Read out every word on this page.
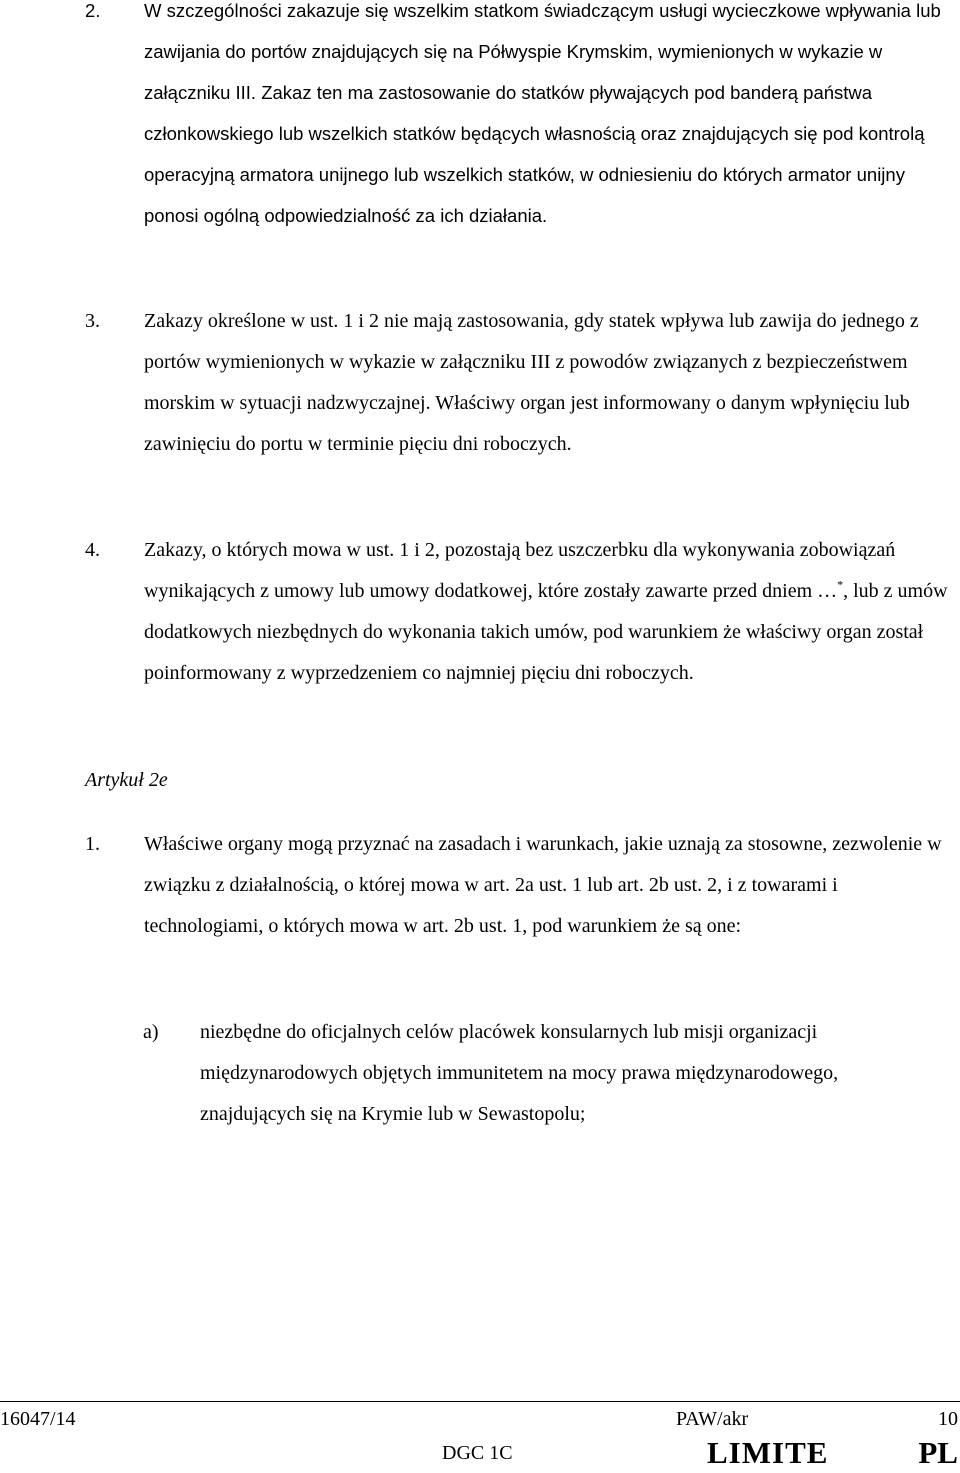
2. W szczególności zakazuje się wszelkim statkom świadczącym usługi wycieczkowe wpływania lub zawijania do portów znajdujących się na Półwyspie Krymskim, wymienionych w wykazie w załączniku III. Zakaz ten ma zastosowanie do statków pływających pod banderą państwa członkowskiego lub wszelkich statków będących własnością oraz znajdujących się pod kontrolą operacyjną armatora unijnego lub wszelkich statków, w odniesieniu do których armator unijny ponosi ogólną odpowiedzialność za ich działania.
3. Zakazy określone w ust. 1 i 2 nie mają zastosowania, gdy statek wpływa lub zawija do jednego z portów wymienionych w wykazie w załączniku III z powodów związanych z bezpieczeństwem morskim w sytuacji nadzwyczajnej. Właściwy organ jest informowany o danym wpłynięciu lub zawinięciu do portu w terminie pięciu dni roboczych.
4. Zakazy, o których mowa w ust. 1 i 2, pozostają bez uszczerbku dla wykonywania zobowiązań wynikających z umowy lub umowy dodatkowej, które zostały zawarte przed dniem …*, lub z umów dodatkowych niezbędnych do wykonania takich umów, pod warunkiem że właściwy organ został poinformowany z wyprzedzeniem co najmniej pięciu dni roboczych.
Artykuł 2e
1. Właściwe organy mogą przyznać na zasadach i warunkach, jakie uznają za stosowne, zezwolenie w związku z działalnością, o której mowa w art. 2a ust. 1 lub art. 2b ust. 2, i z towarami i technologiami, o których mowa w art. 2b ust. 1, pod warunkiem że są one:
a) niezbędne do oficjalnych celów placówek konsularnych lub misji organizacji międzynarodowych objętych immunitetem na mocy prawa międzynarodowego, znajdujących się na Krymie lub w Sewastopolu;
16047/14	PAW/akr	10
DGC 1C	LIMITE	PL
